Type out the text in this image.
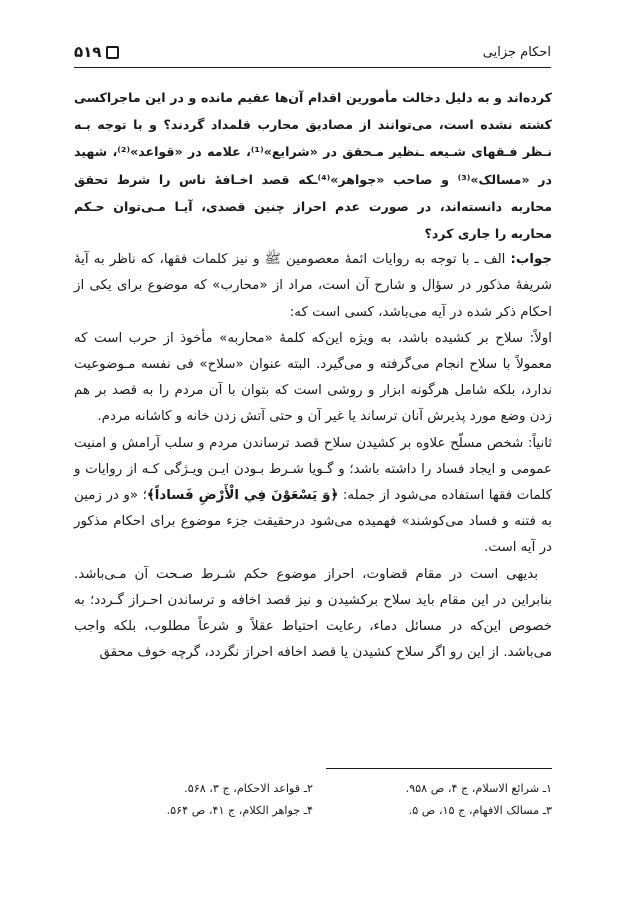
احکام جزایی
۵۱۹

کرده‌اند و به دلیل دخالت مأمورین اقدام آن‌ها عقیم مانده و در این ماجراکسی کشته نشده است، می‌توانند از مصادیق محارب قلمداد گردند؟ و با توجه بـه نـظر فـقهای شـیعه ـنظیر مـحقق در «شرایع»⁽¹⁾، علامه در «قواعد»⁽²⁾، شهید در «مسالک»⁽³⁾ و صاحب «جواهر»⁽⁴⁾ـکه قصد اخـافهٔ ناس را شرط تحقق محاربه دانسته‌اند، در صورت عدم احراز چنین قصدی، آیـا مـی‌توان حـکم محاربه را جاری کرد؟

جواب: الف ـ با توجه به روایات ائمهٔ معصومین ﷺ و نیز کلمات فقها، که ناظر به آیهٔ شریفهٔ مذکور در سؤال و شارح آن است، مراد از «محارب» که موضوع برای یکی از احکام ذکر شده در آیه می‌باشد، کسی است که:

اولاً: سلاح بر کشیده باشد، به ویژه این‌که کلمهٔ «محاربه» مأخوذ از حرب است که معمولاً با سلاح انجام می‌گرفته و می‌گیرد. البته عنوان «سلاح» فی نفسه مـوضوعیت ندارد، بلکه شامل هرگونه ابزار و روشی است که بتوان با آن مردم را به قصد بر هم زدن وضع مورد پذیرش آنان ترساند یا غیر آن و حتی آتش زدن خانه و کاشانه مردم.

ثانیاً: شخص مسلّح علاوه بر کشیدن سلاح قصد ترساندن مردم و سلب آرامش و امنیت عمومی و ایجاد فساد را داشته باشد؛ و گـویا شـرط بـودن ایـن ویـژگی کـه از روایات و کلمات فقها استفاده می‌شود از جمله: ﴿وَ يَسْعَوْنَ فِي الْأَرْضِ فَساداً﴾؛ «و در زمین به فتنه و فساد می‌کوشند» فهمیده می‌شود درحقیقت جزء موضوع برای احکام مذکور در آیه است.

بدیهی است در مقام قضاوت، احراز موضوع حکم شـرط صـحت آن مـی‌باشد. بنابراین در این مقام باید سلاح برکشیدن و نیز قصد اخافه و ترساندن احـراز گـردد؛ به خصوص این‌که در مسائل دماء، رعایت احتیاط عقلاً و شرعاً مطلوب، بلکه واجب می‌باشد. از این رو اگر سلاح کشیدن یا قصد اخافه احراز نگردد، گرچه خوف محقق

۱ـ شرائع الاسلام، ج ۴، ص ۹۵۸.
۲ـ قواعد الاحکام، ج ۳، ۵۶۸.
۳ـ مسالک الافهام، ج ۱۵، ص ۵.
۴ـ جواهر الکلام، ج ۴۱، ص ۵۶۴.
